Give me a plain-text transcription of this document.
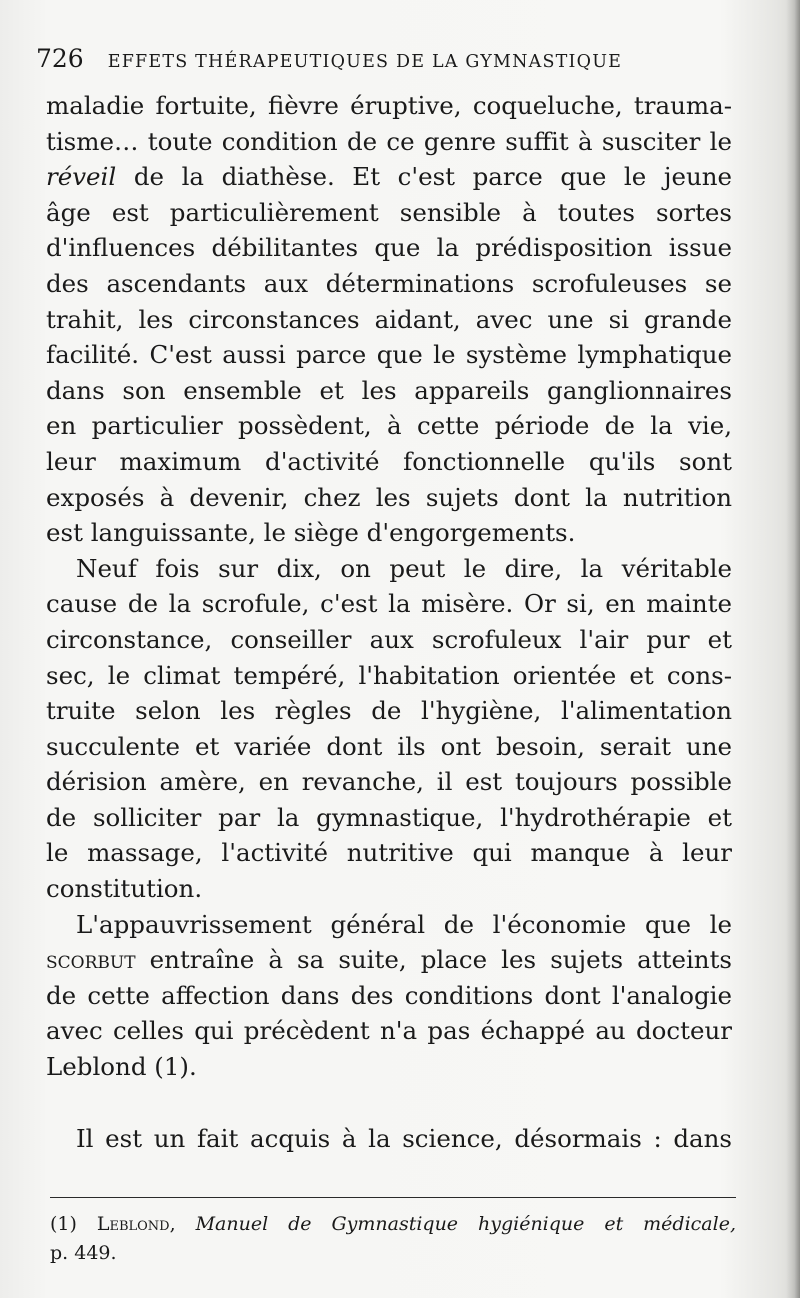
726 EFFETS THÉRAPEUTIQUES DE LA GYMNASTIQUE
maladie fortuite, fièvre éruptive, coqueluche, trauma-
tisme… toute condition de ce genre suffit à susciter le
réveil de la diathèse. Et c'est parce que le jeune
âge est particulièrement sensible à toutes sortes
d'influences débilitantes que la prédisposition issue
des ascendants aux déterminations scrofuleuses se
trahit, les circonstances aidant, avec une si grande
facilité. C'est aussi parce que le système lymphatique
dans son ensemble et les appareils ganglionnaires
en particulier possèdent, à cette période de la vie,
leur maximum d'activité fonctionnelle qu'ils sont
exposés à devenir, chez les sujets dont la nutrition
est languissante, le siège d'engorgements.
Neuf fois sur dix, on peut le dire, la véritable
cause de la scrofule, c'est la misère. Or si, en mainte
circonstance, conseiller aux scrofuleux l'air pur et
sec, le climat tempéré, l'habitation orientée et cons-
truite selon les règles de l'hygiène, l'alimentation
succulente et variée dont ils ont besoin, serait une
dérision amère, en revanche, il est toujours possible
de solliciter par la gymnastique, l'hydrothérapie et
le massage, l'activité nutritive qui manque à leur
constitution.
L'appauvrissement général de l'économie que le
scorbut entraîne à sa suite, place les sujets atteints
de cette affection dans des conditions dont l'analogie
avec celles qui précèdent n'a pas échappé au docteur
Leblond (1).
Il est un fait acquis à la science, désormais : dans
(1) Leblond, Manuel de Gymnastique hygiénique et médicale,
p. 449.
